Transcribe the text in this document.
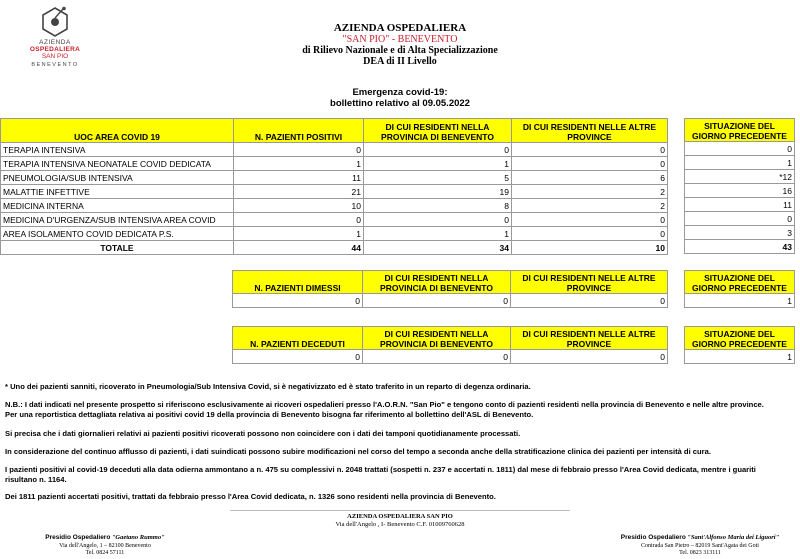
AZIENDA
OSPEDALIERA
SAN PIO
BENEVENTO
AZIENDA OSPEDALIERA
"SAN PIO" - BENEVENTO
di Rilievo Nazionale e di Alta Specializzazione
DEA di II Livello
Emergenza covid-19:
bollettino relativo al 09.05.2022
UOC AREA COVID 19	N. PAZIENTI POSITIVI	DI CUI RESIDENTI NELLA PROVINCIA DI BENEVENTO	DI CUI RESIDENTI NELLE ALTRE PROVINCE
TERAPIA INTENSIVA	0	0	0
TERAPIA INTENSIVA NEONATALE COVID DEDICATA	1	1	0
PNEUMOLOGIA/SUB INTENSIVA	11	5	6
MALATTIE INFETTIVE	21	19	2
MEDICINA INTERNA	10	8	2
MEDICINA D'URGENZA/SUB INTENSIVA AREA COVID	0	0	0
AREA ISOLAMENTO COVID DEDICATA P.S.	1	1	0
TOTALE	44	34	10
SITUAZIONE DEL GIORNO PRECEDENTE
0
1
*12
16
11
0
3
43
N. PAZIENTI DIMESSI	DI CUI RESIDENTI NELLA PROVINCIA DI BENEVENTO	DI CUI RESIDENTI NELLE ALTRE PROVINCE
0	0	0
SITUAZIONE DEL GIORNO PRECEDENTE
1
N. PAZIENTI DECEDUTI	DI CUI RESIDENTI NELLA PROVINCIA DI BENEVENTO	DI CUI RESIDENTI NELLE ALTRE PROVINCE
0	0	0
SITUAZIONE DEL GIORNO PRECEDENTE
1
* Uno dei pazienti sanniti, ricoverato in Pneumologia/Sub Intensiva Covid, si è negativizzato ed è stato traferito in un reparto di degenza ordinaria.
N.B.: I dati indicati nel presente prospetto si riferiscono esclusivamente ai ricoveri ospedalieri presso l'A.O.R.N. "San Pio" e tengono conto di pazienti residenti nella provincia di Benevento e nelle altre province. Per una reportistica dettagliata relativa ai positivi covid 19 della provincia di Benevento bisogna far riferimento al bollettino dell'ASL di Benevento.
Si precisa che i dati giornalieri relativi ai pazienti positivi ricoverati possono non coincidere con i dati dei tamponi quotidianamente processati.
In considerazione del continuo afflusso di pazienti, i dati suindicati possono subire modificazioni nel corso del tempo a seconda anche della stratificazione clinica dei pazienti per intensità di cura.
I pazienti positivi al covid-19 deceduti alla data odierna ammontano a n. 475 su complessivi n. 2048 trattati (sospetti n. 237 e accertati n. 1811) dal mese di febbraio presso l'Area Covid dedicata, mentre i guariti risultano n. 1164.
Dei 1811 pazienti accertati positivi, trattati da febbraio presso l'Area Covid dedicata, n. 1326 sono residenti nella provincia di Benevento.
AZIENDA OSPEDALIERA SAN PIO
Via dell'Angelo , I- Benevento C.F. 01009760628
Presidio Ospedaliero "Gaetano Rummo"
Via dell'Angelo, 1 – 82100 Benevento
Tel. 0824 57111
Presidio Ospedaliero "Sant'Alfonso Maria dei Liguori"
Contrada San Pietro – 82019 Sant'Agata dei Goti
Tel. 0823 313111
